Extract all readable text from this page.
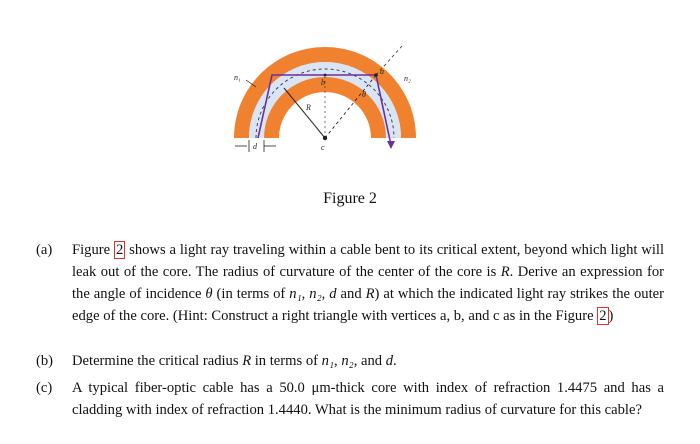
n₁	n₂
a
b
c
R
θ
d
Figure 2
(a) Figure 2 shows a light ray traveling within a cable bent to its critical extent, beyond which light will leak out of the core. The radius of curvature of the center of the core is R. Derive an expression for the angle of incidence θ (in terms of n₁, n₂, d and R) at which the indicated light ray strikes the outer edge of the core. (Hint: Construct a right triangle with vertices a, b, and c as in the Figure 2 )
(b) Determine the critical radius R in terms of n₁, n₂, and d.
(c) A typical fiber-optic cable has a 50.0 μm-thick core with index of refraction 1.4475 and has a cladding with index of refraction 1.4440. What is the minimum radius of curvature for this cable?
